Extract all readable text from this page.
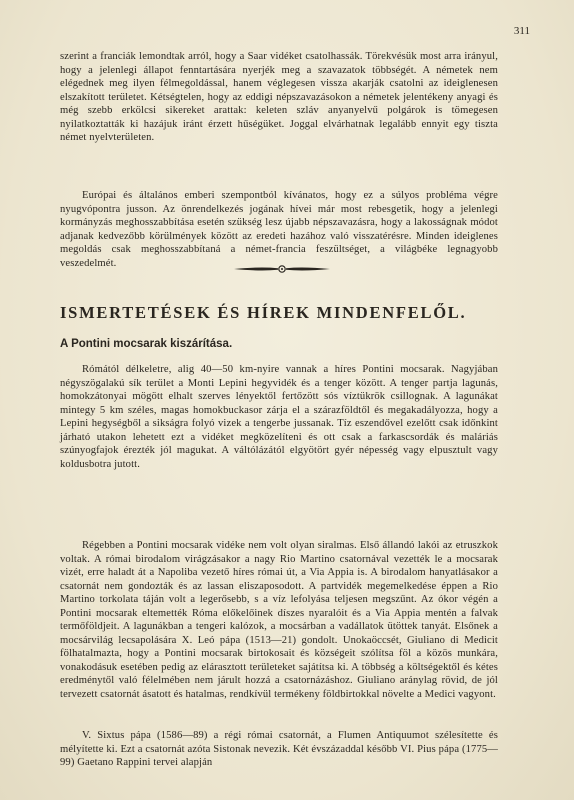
311

szerint a franciák lemondtak arról, hogy a Saar vidéket csatolhassák. Törekvésük most arra irányul, hogy a jelenlegi állapot fenntartására nyerjék meg a szavazatok többségét. A németek nem elégednek meg ilyen félmegoldással, hanem véglegesen vissza akarják csatolni az ideiglenesen elszakított területet. Kétségtelen, hogy az eddigi népszavazásokon a németek jelentékeny anyagi és még szebb erkölcsi sikereket arattak: keleten szláv anyanyelvű polgárok is tömegesen nyilatkoztatták ki hazájuk iránt érzett hűségüket. Joggal elvárhatnak legalább ennyit egy tiszta német nyelvterületen.

Európai és általános emberi szempontból kívánatos, hogy ez a súlyos probléma végre nyugvópontra jusson. Az önrendelkezés jogának hívei már most rebesgetik, hogy a jelenlegi kormányzás meghosszabbítása esetén szükség lesz újabb népszavazásra, hogy a lakosságnak módot adjanak kedvezőbb körülmények között az eredeti hazához való visszatérésre. Minden ideiglenes megoldás csak meghosszabbítaná a német-francia feszültséget, a világbéke legnagyobb veszedelmét.

ISMERTETÉSEK ÉS HÍREK MINDENFELŐL.
A Pontini mocsarak kiszárítása.

Rómától délkeletre, alig 40—50 km-nyire vannak a híres Pontini mocsarak. Nagyjában négyszögalakú sík terület a Monti Lepini hegyvidék és a tenger között. A tenger partja lagunás, homokzátonyai mögött elhalt szerves lényektől fertőzött sós víztükrök csillognak. A lagunákat mintegy 5 km széles, magas homokbuckasor zárja el a szárazföldtől és megakadályozza, hogy a Lepini hegységből a sikságra folyó vizek a tengerbe jussanak. Tíz eszendővel ezelőtt csak időnkint járható utakon lehetett ezt a vidéket megközelíteni és ott csak a farkascsordák és maláriás szúnyogfajok érezték jól magukat. A váltólázától elgyötört gyér népesség vagy elpusztult vagy koldusbotra jutott.

Régebben a Pontini mocsarak vidéke nem volt olyan siralmas. Első állandó lakói az etruszkok voltak. A római birodalom virágzásakor a nagy Rio Martino csatornával vezették le a mocsarak vizét, erre haladt át a Napoliba vezető híres római út, a Via Appia is. A birodalom hanyatlásakor a csatornát nem gondozták és az lassan eliszaposodott. A partvidék megemelkedése éppen a Rio Martino torkolata táján volt a legerősebb, s a víz lefolyása teljesen megszűnt. Az ókor végén a Pontini mocsarak eltemették Róma előkelőinek díszes nyaralóit és a Via Appia mentén a falvak termőföldjeit. A lagunákban a tengeri kalózok, a mocsárban a vadállatok ütöttek tanyát. Elsőnek a mocsárvilág lecsapolására X. Leó pápa (1513—21) gondolt. Unokaöccsét, Giuliano di Medicit fölhatalmazta, hogy a Pontini mocsarak birtokosait és községeit szólítsa föl a közös munkára, vonakodásuk esetében pedig az elárasztott területeket sajátítsa ki. A többség a költségektől és kétes eredménytől való félelmében nem járult hozzá a csatornázáshoz. Giuliano aránylag rövid, de jól tervezett csatornát ásatott és hatalmas, rendkívül termékeny földbirtokkal növelte a Medici vagyont.

V. Sixtus pápa (1586—89) a régi római csatornát, a Flumen Antiquumot szélesítette és mélyítette ki. Ezt a csatornát azóta Sistonak nevezik. Két évszázaddal később VI. Pius pápa (1775—99) Gaetano Rappini tervei alapján
